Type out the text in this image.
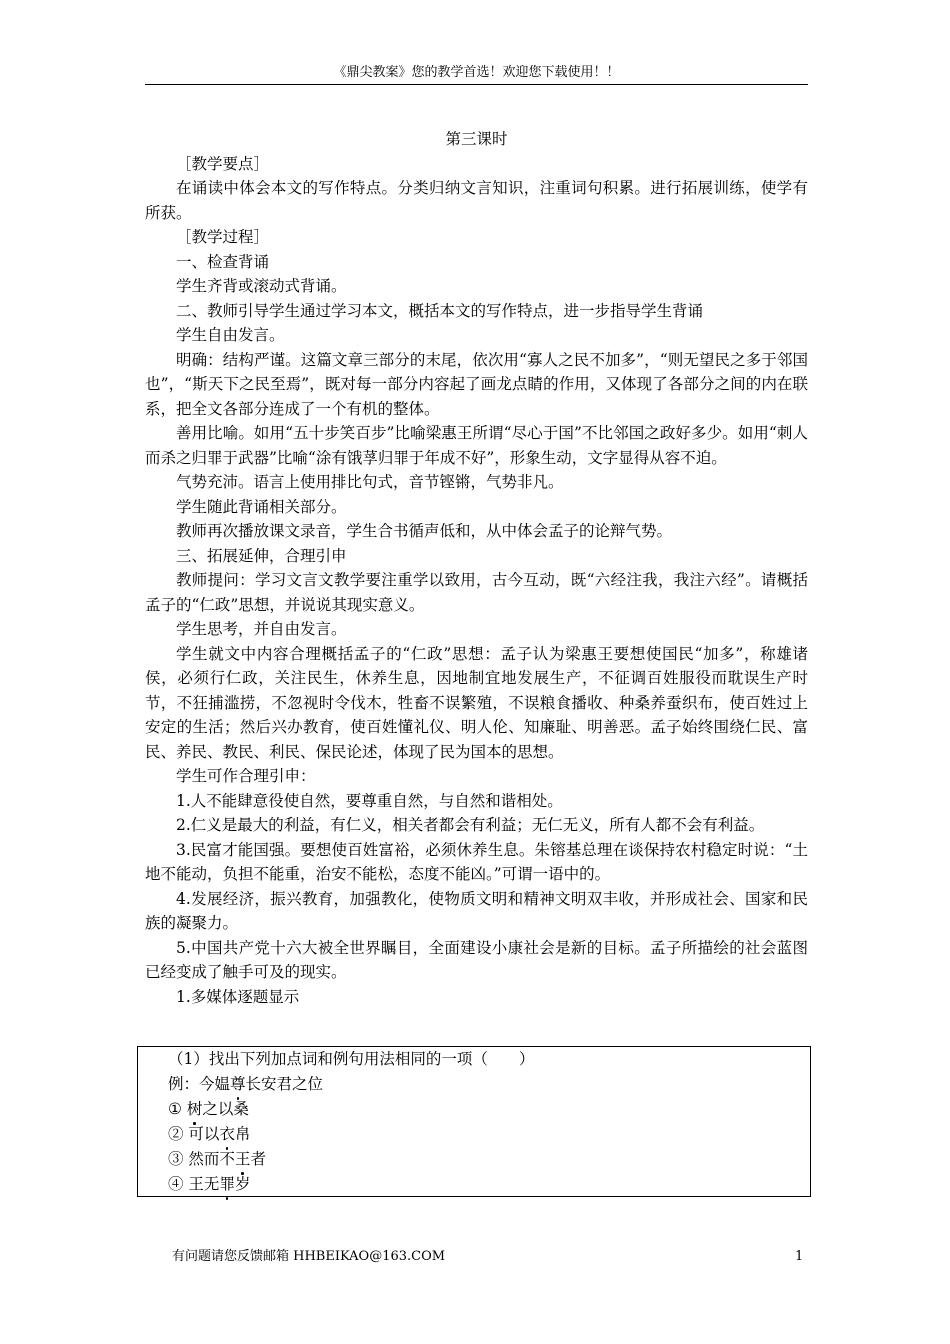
《鼎尖教案》您的教学首选！欢迎您下载使用！！

第三课时

［教学要点］

在诵读中体会本文的写作特点。分类归纳文言知识，注重词句积累。进行拓展训练，使学有所获。

［教学过程］

一、检查背诵

学生齐背或滚动式背诵。

二、教师引导学生通过学习本文，概括本文的写作特点，进一步指导学生背诵

学生自由发言。

明确：结构严谨。这篇文章三部分的末尾，依次用“寡人之民不加多”，“则无望民之多于邻国也”，“斯天下之民至焉”，既对每一部分内容起了画龙点睛的作用，又体现了各部分之间的内在联系，把全文各部分连成了一个有机的整体。

善用比喻。如用“五十步笑百步”比喻梁惠王所谓“尽心于国”不比邻国之政好多少。如用“刺人而杀之归罪于武器”比喻“涂有饿莩归罪于年成不好”，形象生动，文字显得从容不迫。

气势充沛。语言上使用排比句式，音节铿锵，气势非凡。

学生随此背诵相关部分。

教师再次播放课文录音，学生合书循声低和，从中体会孟子的论辩气势。

三、拓展延伸，合理引申

教师提问：学习文言文教学要注重学以致用，古今互动，既“六经注我，我注六经”。请概括孟子的“仁政”思想，并说说其现实意义。

学生思考，并自由发言。

学生就文中内容合理概括孟子的“仁政”思想：孟子认为梁惠王要想使国民“加多”，称雄诸侯，必须行仁政，关注民生，休养生息，因地制宜地发展生产，不征调百姓服役而耽误生产时节，不狂捕滥捞，不忽视时令伐木，牲畜不误繁殖，不误粮食播收、种桑养蚕织布，使百姓过上安定的生活；然后兴办教育，使百姓懂礼仪、明人伦、知廉耻、明善恶。孟子始终围绕仁民、富民、养民、教民、利民、保民论述，体现了民为国本的思想。

学生可作合理引申：

1.人不能肆意役使自然，要尊重自然，与自然和谐相处。

2.仁义是最大的利益，有仁义，相关者都会有利益；无仁无义，所有人都不会有利益。

3.民富才能国强。要想使百姓富裕，必须休养生息。朱镕基总理在谈保持农村稳定时说：“土地不能动，负担不能重，治安不能松，态度不能凶。”可谓一语中的。

4.发展经济，振兴教育，加强教化，使物质文明和精神文明双丰收，并形成社会、国家和民族的凝聚力。

5.中国共产党十六大被全世界瞩目，全面建设小康社会是新的目标。孟子所描绘的社会蓝图已经变成了触手可及的现实。

1.多媒体逐题显示

（1）找出下列加点词和例句用法相同的一项（　　）
例：今媪尊长安君之位
① 树之以桑
② 可以衣帛
③ 然而不王者
④ 王无罪岁
有问题请您反馈邮箱 HHBEIKAO@163.COM	1
